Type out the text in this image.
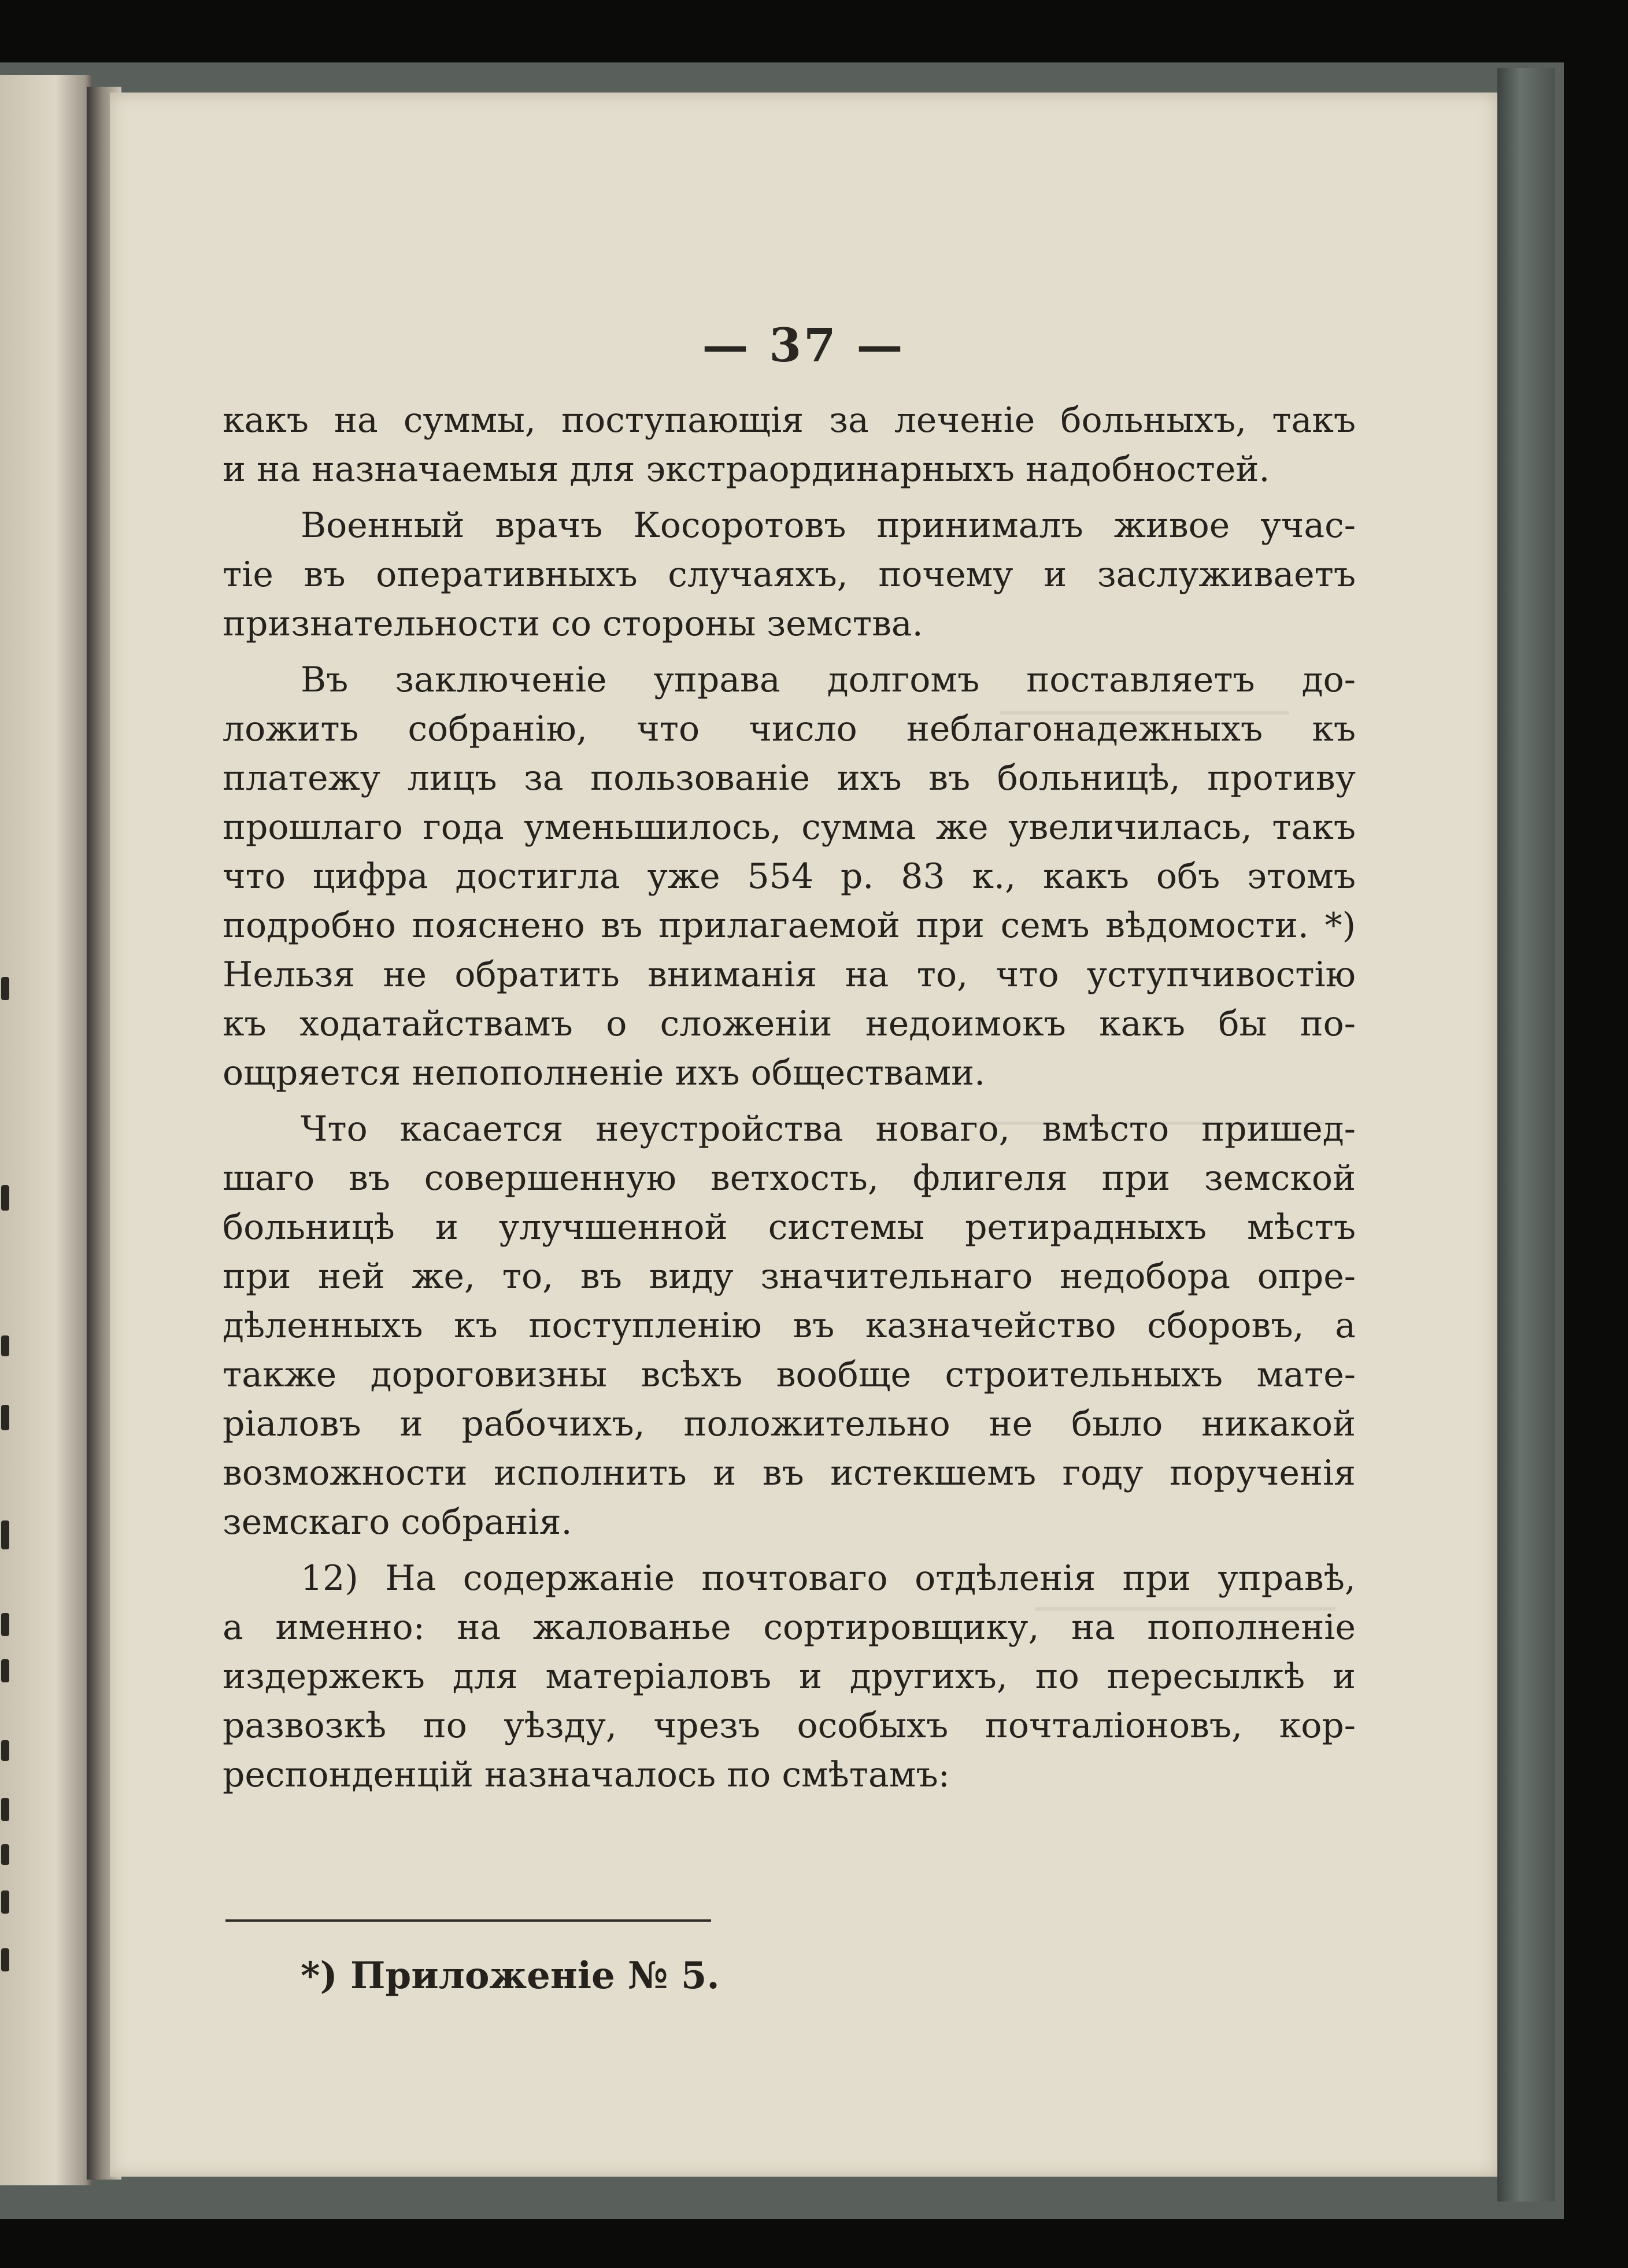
— 37 —
какъ на суммы, поступающія за леченіе больныхъ, такъ
и на назначаемыя для экстраординарныхъ надобностей.
Военный врачъ Косоротовъ принималъ живое учас-
тіе въ оперативныхъ случаяхъ, почему и заслуживаетъ
признательности со стороны земства.
Въ заключеніе управа долгомъ поставляетъ до-
ложить собранію, что число неблагонадежныхъ къ
платежу лицъ за пользованіе ихъ въ больницѣ, противу
прошлаго года уменьшилось, сумма же увеличилась, такъ
что цифра достигла уже 554 р. 83 к., какъ объ этомъ
подробно пояснено въ прилагаемой при семъ вѣдомости. *)
Нельзя не обратить вниманія на то, что уступчивостію
къ ходатайствамъ о сложеніи недоимокъ какъ бы по-
ощряется непополненіе ихъ обществами.
Что касается неустройства новаго, вмѣсто пришед-
шаго въ совершенную ветхость, флигеля при земской
больницѣ и улучшенной системы ретирадныхъ мѣстъ
при ней же, то, въ виду значительнаго недобора опре-
дѣленныхъ къ поступленію въ казначейство сборовъ, а
также дороговизны всѣхъ вообще строительныхъ мате-
ріаловъ и рабочихъ, положительно не было никакой
возможности исполнить и въ истекшемъ году порученія
земскаго собранія.
12) На содержаніе почтоваго отдѣленія при управѣ,
а именно: на жалованье сортировщику, на пополненіе
издержекъ для матеріаловъ и другихъ, по пересылкѣ и
развозкѣ по уѣзду, чрезъ особыхъ почталіоновъ, кор-
респонденцій назначалось по смѣтамъ:
*) Приложеніе № 5.
